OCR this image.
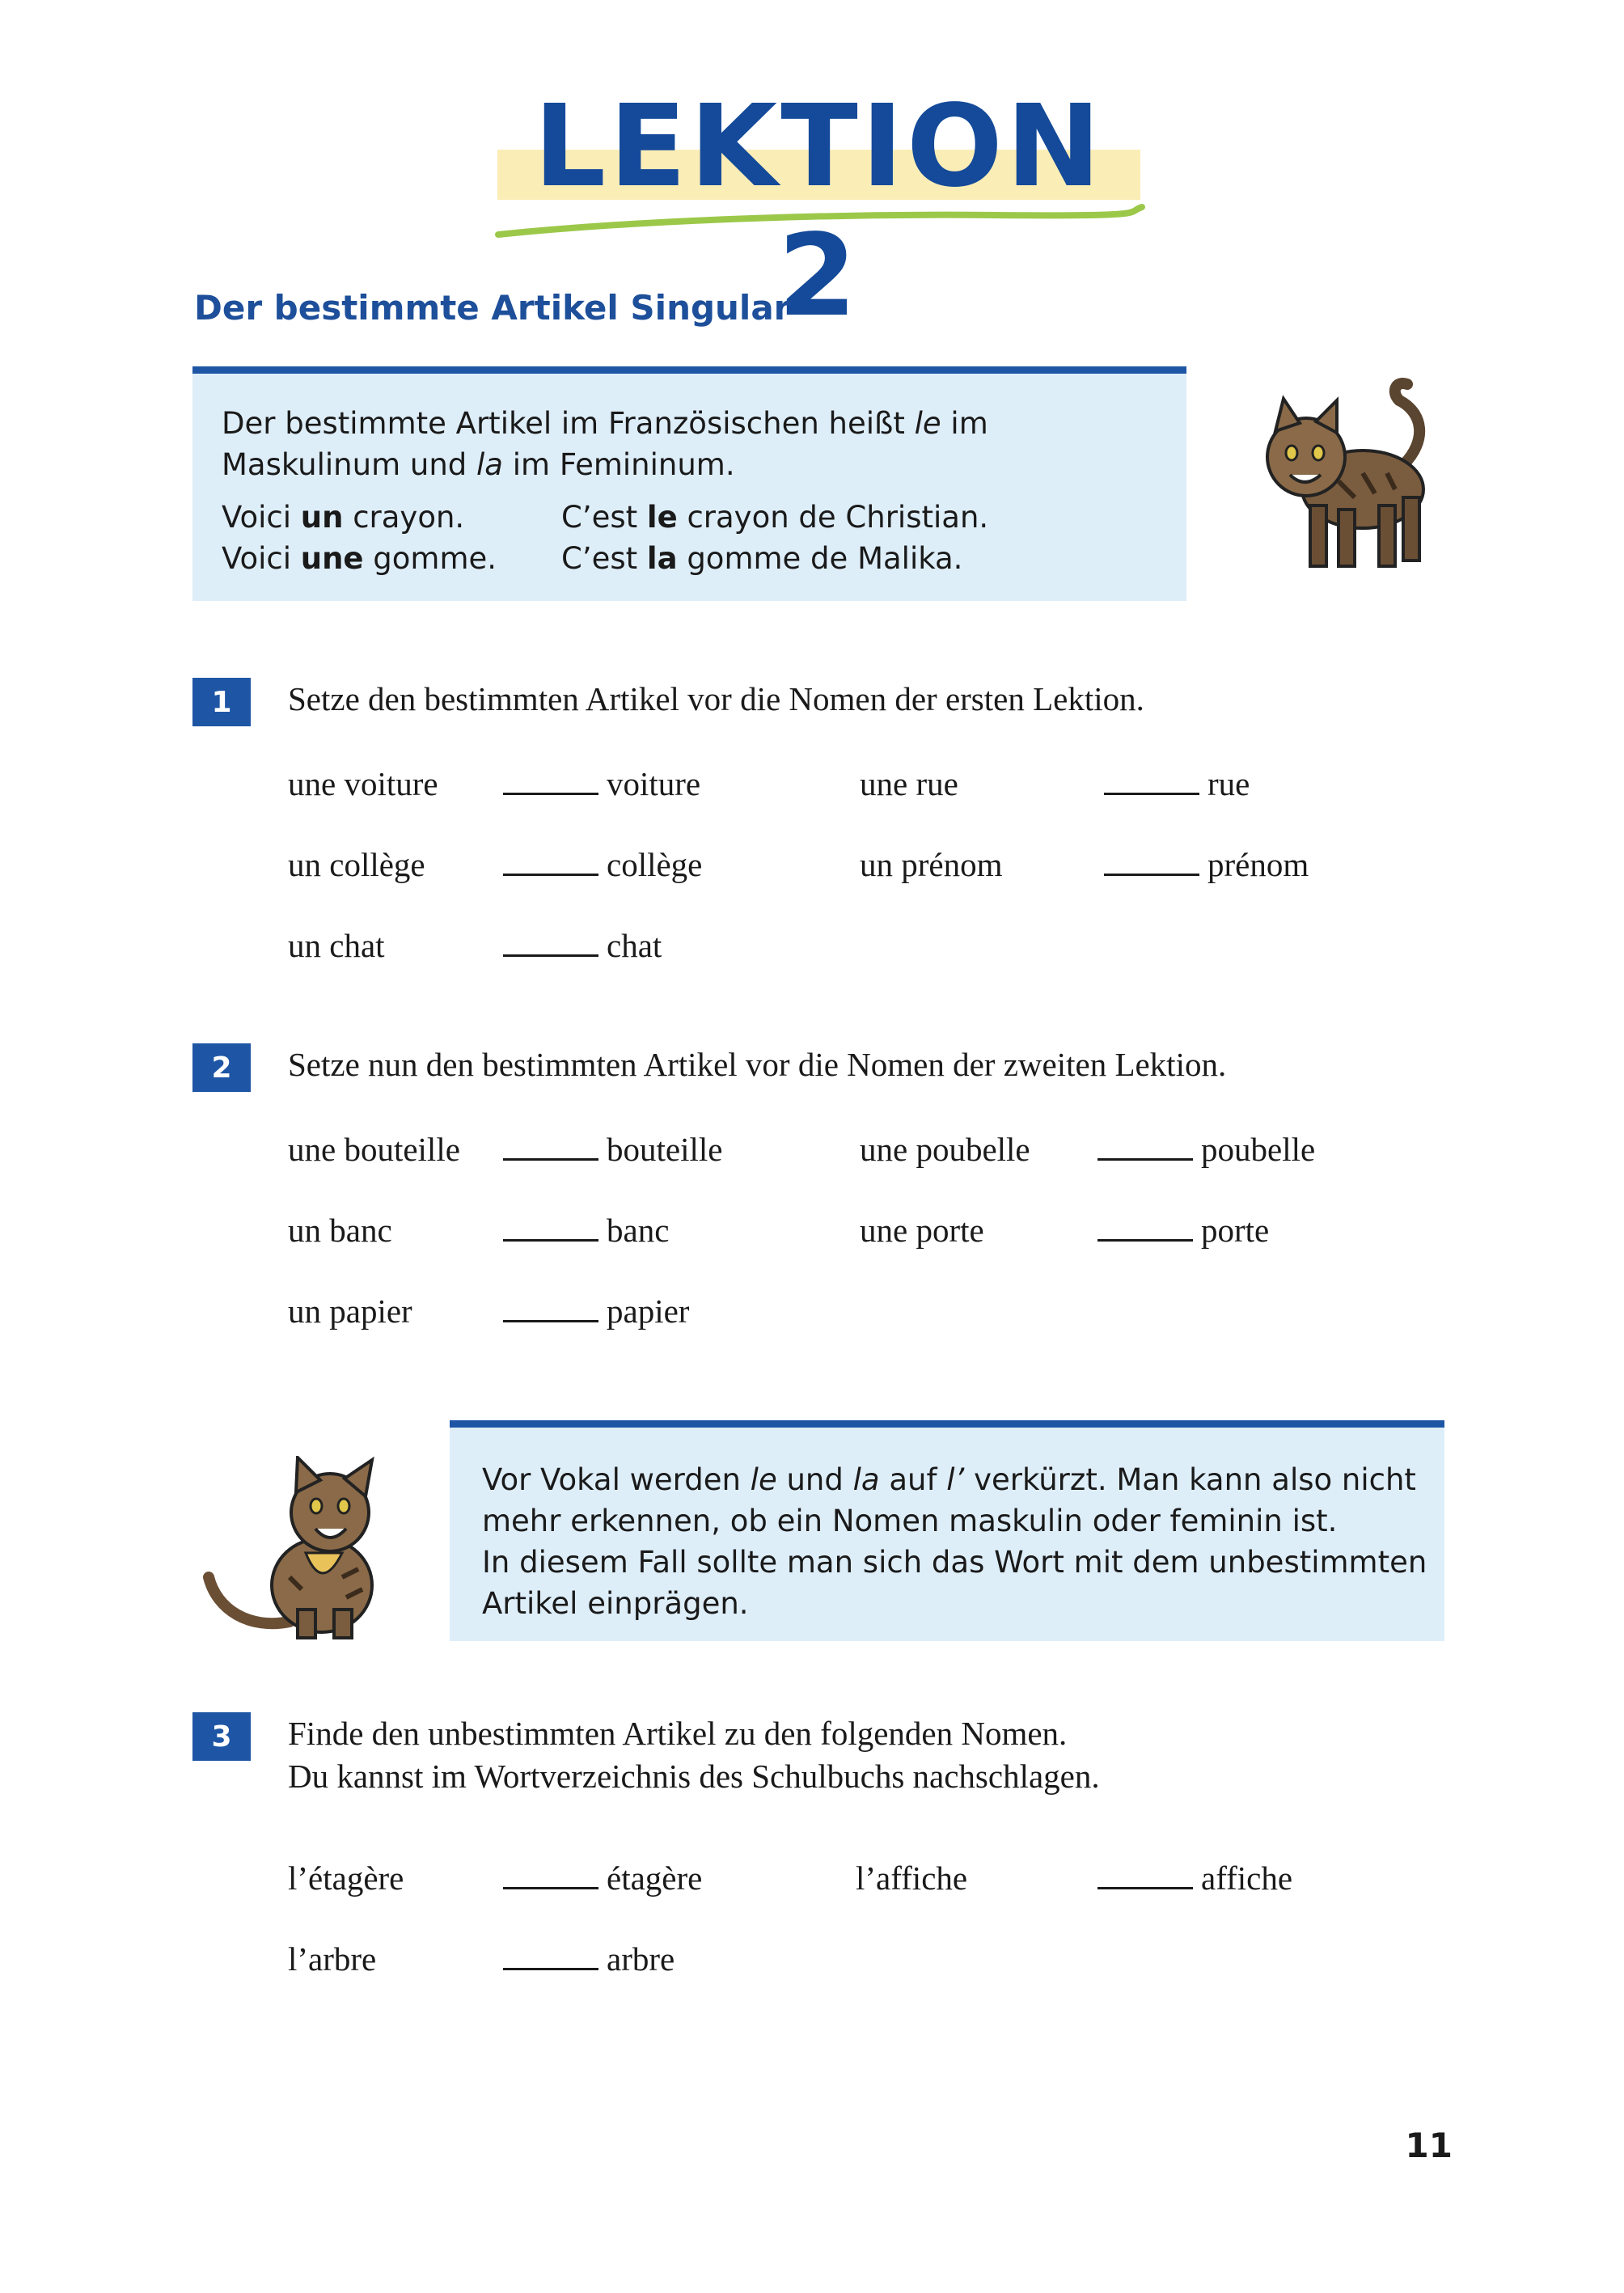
LEKTION 2
Der bestimmte Artikel Singular
Der bestimmte Artikel im Französischen heißt le im Maskulinum und la im Femininum.
Voici un crayon.	C’est le crayon de Christian.
Voici une gomme.	C’est la gomme de Malika.
1	Setze den bestimmten Artikel vor die Nomen der ersten Lektion.
une voiture	voiture	une rue	rue
un collège	collège	un prénom	prénom
un chat	chat
2	Setze nun den bestimmten Artikel vor die Nomen der zweiten Lektion.
une bouteille	bouteille	une poubelle	poubelle
un banc	banc	une porte	porte
un papier	papier
Vor Vokal werden le und la auf l’ verkürzt. Man kann also nicht
mehr erkennen, ob ein Nomen maskulin oder feminin ist.
In diesem Fall sollte man sich das Wort mit dem unbestimmten
Artikel einprägen.
3	Finde den unbestimmten Artikel zu den folgenden Nomen.
Du kannst im Wortverzeichnis des Schulbuchs nachschlagen.
l’étagère	étagère	l’affiche	affiche
l’arbre	arbre
11
